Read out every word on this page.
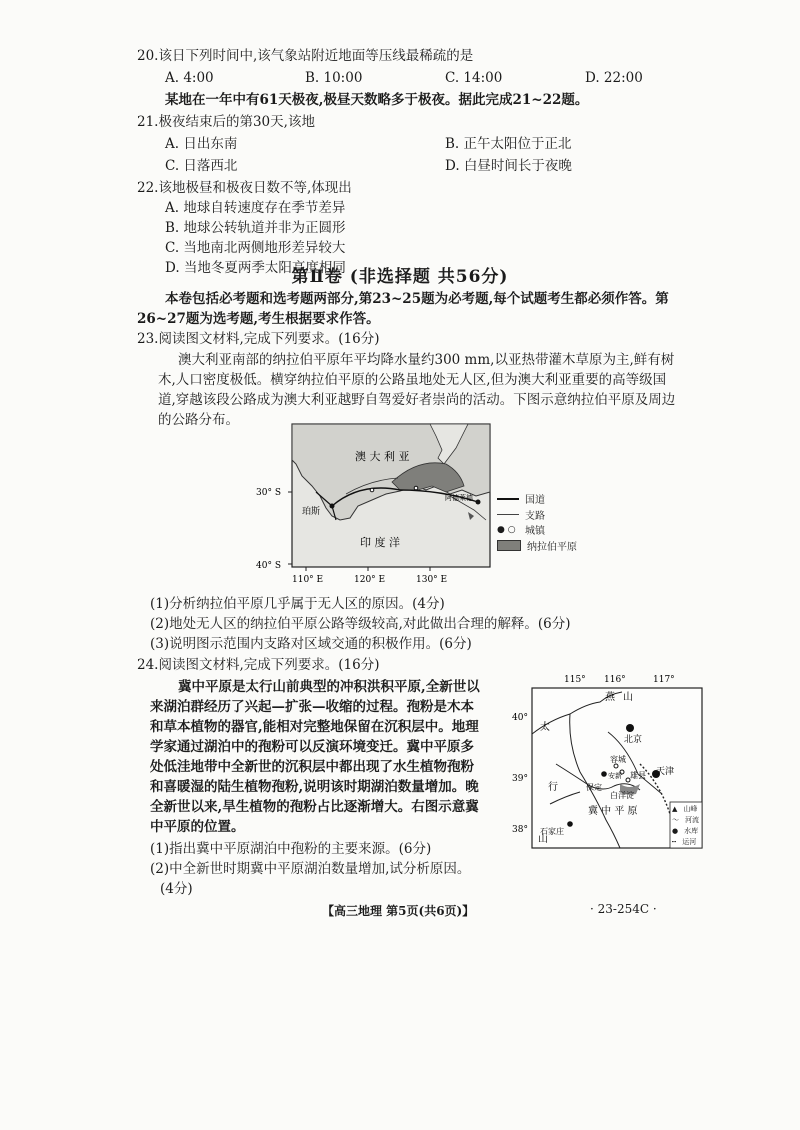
20.该日下列时间中,该气象站附近地面等压线最稀疏的是
A. 4:00	B. 10:00	C. 14:00	D. 22:00
某地在一年中有61天极夜,极昼天数略多于极夜。据此完成21~22题。
21.极夜结束后的第30天,该地
A. 日出东南	B. 正午太阳位于正北
C. 日落西北	D. 白昼时间长于夜晚
22.该地极昼和极夜日数不等,体现出
A. 地球自转速度存在季节差异
B. 地球公转轨道并非为正圆形
C. 当地南北两侧地形差异较大
D. 当地冬夏两季太阳高度相同
第Ⅱ卷 (非选择题 共56分)
本卷包括必考题和选考题两部分,第23~25题为必考题,每个试题考生都必须作答。第
26~27题为选考题,考生根据要求作答。
23.阅读图文材料,完成下列要求。(16分)
澳大利亚南部的纳拉伯平原年平均降水量约300 mm,以亚热带灌木草原为主,鲜有树
木,人口密度极低。横穿纳拉伯平原的公路虽地处无人区,但为澳大利亚重要的高等级国
道,穿越该段公路成为澳大利亚越野自驾爱好者崇尚的活动。下图示意纳拉伯平原及周边
的公路分布。
澳 大 利 亚
印 度 洋
珀斯
阿德莱德
30° S
40° S
110° E	120° E	130° E
国道
支路
● ○ 城镇
纳拉伯平原
(1)分析纳拉伯平原几乎属于无人区的原因。(4分)
(2)地处无人区的纳拉伯平原公路等级较高,对此做出合理的解释。(6分)
(3)说明图示范围内支路对区域交通的积极作用。(6分)
24.阅读图文材料,完成下列要求。(16分)
冀中平原是太行山前典型的冲积洪积平原,全新世以
来湖泊群经历了兴起—扩张—收缩的过程。孢粉是木本
和草本植物的器官,能相对完整地保留在沉积层中。地理
学家通过湖泊中的孢粉可以反演环境变迁。冀中平原多
处低洼地带中全新世的沉积层中都出现了水生植物孢粉
和喜暖湿的陆生植物孢粉,说明该时期湖泊数量增加。晚
全新世以来,旱生植物的孢粉占比逐渐增大。右图示意冀
中平原的位置。
(1)指出冀中平原湖泊中孢粉的主要来源。(6分)
(2)中全新世时期冀中平原湖泊数量增加,试分析原因。
(4分)
115° 116°	117°
40°
39°
38°
燕 山
太
行
山
北京
天津
保定
容城
安新 雄县
白洋淀
冀 中 平 原
石家庄
▲ 山峰
〜 河流
● 水库
┅ 运河
【高三地理 第5页(共6页)】	· 23-254C ·
